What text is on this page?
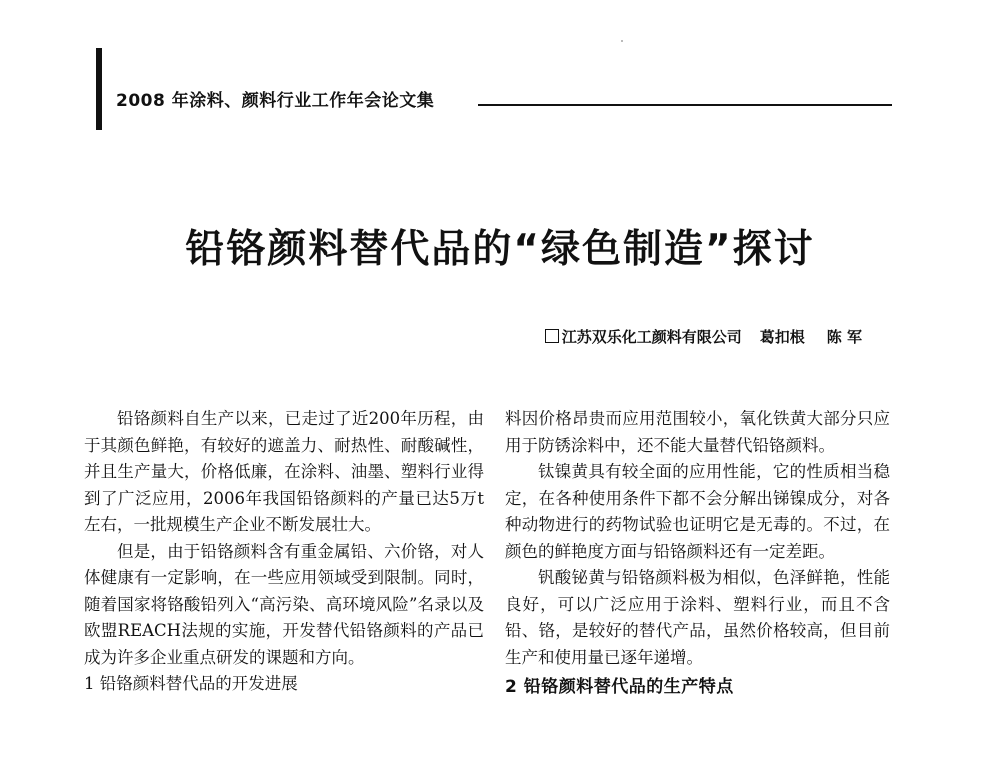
2008 年涂料、颜料行业工作年会论文集
铅铬颜料替代品的“绿色制造”探讨
江苏双乐化工颜料有限公司 葛扣根 陈 军

铅铬颜料自生产以来，已走过了近200年历程，由于其颜色鲜艳，有较好的遮盖力、耐热性、耐酸碱性，并且生产量大，价格低廉，在涂料、油墨、塑料行业得到了广泛应用，2006年我国铅铬颜料的产量已达5万t左右，一批规模生产企业不断发展壮大。

但是，由于铅铬颜料含有重金属铅、六价铬，对人体健康有一定影响，在一些应用领域受到限制。同时，随着国家将铬酸铅列入“高污染、高环境风险”名录以及欧盟REACH法规的实施，开发替代铅铬颜料的产品已成为许多企业重点研发的课题和方向。

1 铅铬颜料替代品的开发进展

料因价格昂贵而应用范围较小，氧化铁黄大部分只应用于防锈涂料中，还不能大量替代铅铬颜料。

钛镍黄具有较全面的应用性能，它的性质相当稳定，在各种使用条件下都不会分解出锑镍成分，对各种动物进行的药物试验也证明它是无毒的。不过，在颜色的鲜艳度方面与铅铬颜料还有一定差距。

钒酸铋黄与铅铬颜料极为相似，色泽鲜艳，性能良好，可以广泛应用于涂料、塑料行业，而且不含铅、铬，是较好的替代产品，虽然价格较高，但目前生产和使用量已逐年递增。

2 铅铬颜料替代品的生产特点
